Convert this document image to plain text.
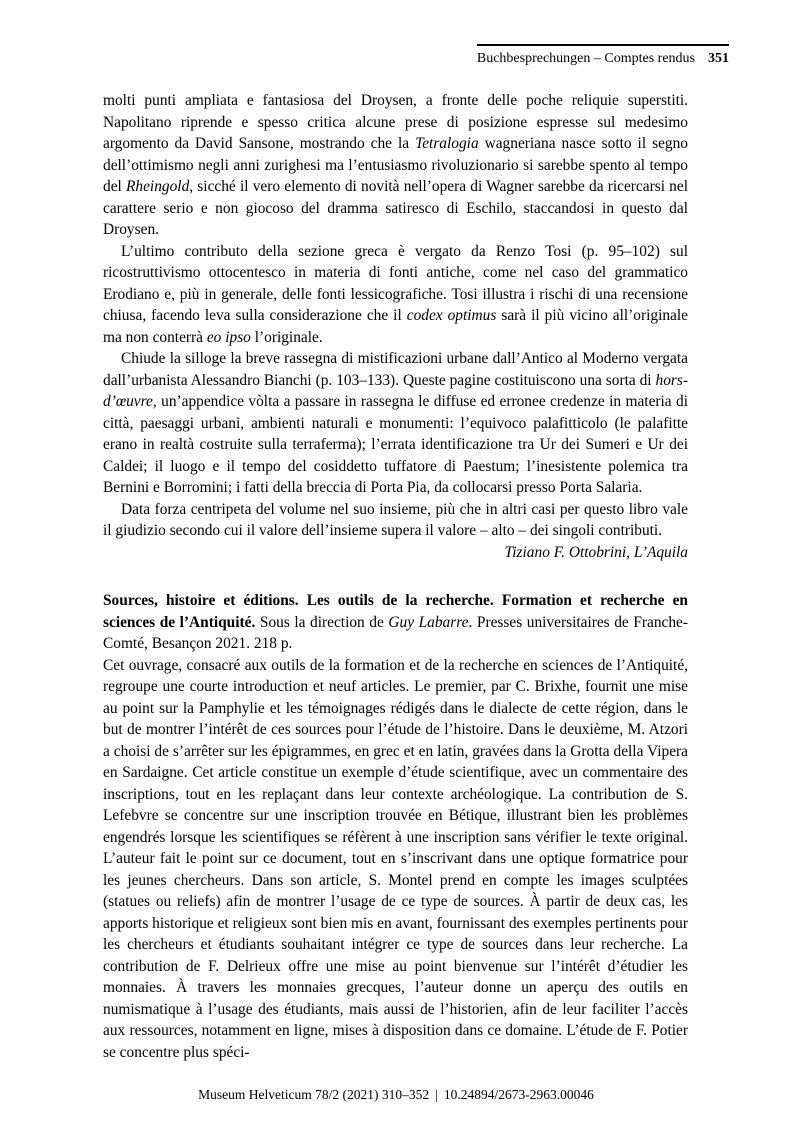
Buchbesprechungen – Comptes rendus 351

molti punti ampliata e fantasiosa del Droysen, a fronte delle poche reliquie superstiti. Napolitano riprende e spesso critica alcune prese di posizione espresse sul medesimo argomento da David Sansone, mostrando che la Tetralogia wagneriana nasce sotto il segno dell’ottimismo negli anni zurighesi ma l’entusiasmo rivoluzionario si sarebbe spento al tempo del Rheingold, sicché il vero elemento di novità nell’opera di Wagner sarebbe da ricercarsi nel carattere serio e non giocoso del dramma satiresco di Eschilo, staccandosi in questo dal Droysen.

L’ultimo contributo della sezione greca è vergato da Renzo Tosi (p. 95–102) sul ricostruttivismo ottocentesco in materia di fonti antiche, come nel caso del grammatico Erodiano e, più in generale, delle fonti lessicografiche. Tosi illustra i rischi di una recensione chiusa, facendo leva sulla considerazione che il codex optimus sarà il più vicino all’originale ma non conterrà eo ipso l’originale.

Chiude la silloge la breve rassegna di mistificazioni urbane dall’Antico al Moderno vergata dall’urbanista Alessandro Bianchi (p. 103–133). Queste pagine costituiscono una sorta di hors-d’œuvre, un’appendice vòlta a passare in rassegna le diffuse ed erronee credenze in materia di città, paesaggi urbani, ambienti naturali e monumenti: l’equivoco palafitticolo (le palafitte erano in realtà costruite sulla terraferma); l’errata identificazione tra Ur dei Sumeri e Ur dei Caldei; il luogo e il tempo del cosiddetto tuffatore di Paestum; l’inesistente polemica tra Bernini e Borromini; i fatti della breccia di Porta Pia, da collocarsi presso Porta Salaria.

Data forza centripeta del volume nel suo insieme, più che in altri casi per questo libro vale il giudizio secondo cui il valore dell’insieme supera il valore – alto – dei singoli contributi.

Tiziano F. Ottobrini, L’Aquila

Sources, histoire et éditions. Les outils de la recherche. Formation et recherche en sciences de l’Antiquité. Sous la direction de Guy Labarre. Presses universitaires de Franche-Comté, Besançon 2021. 218 p.

Cet ouvrage, consacré aux outils de la formation et de la recherche en sciences de l’Antiquité, regroupe une courte introduction et neuf articles. Le premier, par C. Brixhe, fournit une mise au point sur la Pamphylie et les témoignages rédigés dans le dialecte de cette région, dans le but de montrer l’intérêt de ces sources pour l’étude de l’histoire. Dans le deuxième, M. Atzori a choisi de s’arrêter sur les épigrammes, en grec et en latin, gravées dans la Grotta della Vipera en Sardaigne. Cet article constitue un exemple d’étude scientifique, avec un commentaire des inscriptions, tout en les replaçant dans leur contexte archéologique. La contribution de S. Lefebvre se concentre sur une inscription trouvée en Bétique, illustrant bien les problèmes engendrés lorsque les scientifiques se réfèrent à une inscription sans vérifier le texte original. L’auteur fait le point sur ce document, tout en s’inscrivant dans une optique formatrice pour les jeunes chercheurs. Dans son article, S. Montel prend en compte les images sculptées (statues ou reliefs) afin de montrer l’usage de ce type de sources. À partir de deux cas, les apports historique et religieux sont bien mis en avant, fournissant des exemples pertinents pour les chercheurs et étudiants souhaitant intégrer ce type de sources dans leur recherche. La contribution de F. Delrieux offre une mise au point bienvenue sur l’intérêt d’étudier les monnaies. À travers les monnaies grecques, l’auteur donne un aperçu des outils en numismatique à l’usage des étudiants, mais aussi de l’historien, afin de leur faciliter l’accès aux ressources, notamment en ligne, mises à disposition dans ce domaine. L’étude de F. Potier se concentre plus spéci-

Museum Helveticum 78/2 (2021) 310–352 | 10.24894/2673-2963.00046
